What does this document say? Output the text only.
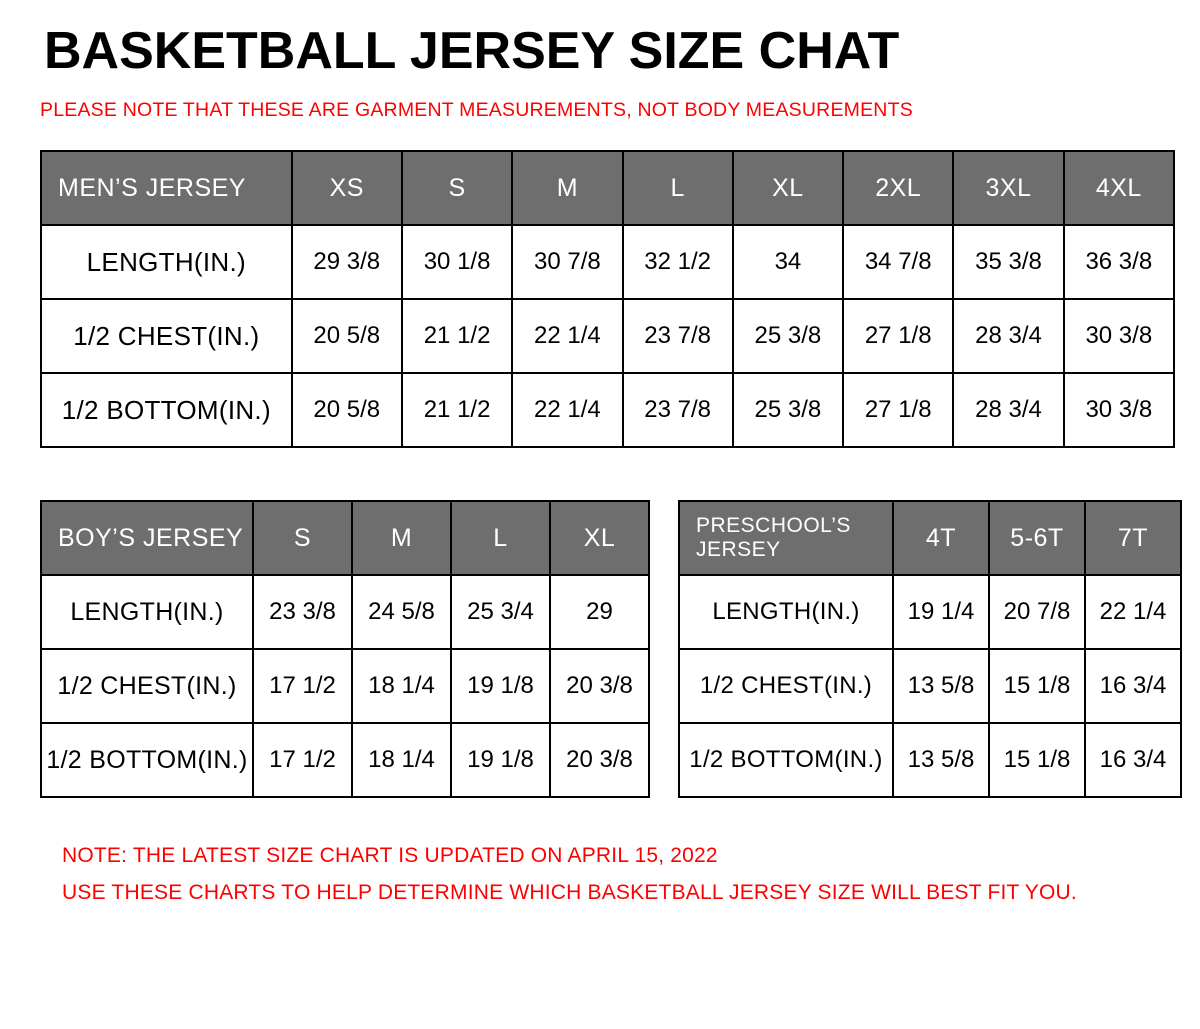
BASKETBALL JERSEY SIZE CHAT

PLEASE NOTE THAT THESE ARE GARMENT MEASUREMENTS, NOT BODY MEASUREMENTS

MEN’S JERSEY	XS	S	M	L	XL	2XL	3XL	4XL
LENGTH(IN.)	29 3/8	30 1/8	30 7/8	32 1/2	34	34 7/8	35 3/8	36 3/8
1/2 CHEST(IN.)	20 5/8	21 1/2	22 1/4	23 7/8	25 3/8	27 1/8	28 3/4	30 3/8
1/2 BOTTOM(IN.)	20 5/8	21 1/2	22 1/4	23 7/8	25 3/8	27 1/8	28 3/4	30 3/8
BOY’S JERSEY	S	M	L	XL
LENGTH(IN.)	23 3/8	24 5/8	25 3/4	29
1/2 CHEST(IN.)	17 1/2	18 1/4	19 1/8	20 3/8
1/2 BOTTOM(IN.)	17 1/2	18 1/4	19 1/8	20 3/8
PRESCHOOL’S JERSEY	4T	5-6T	7T
LENGTH(IN.)	19 1/4	20 7/8	22 1/4
1/2 CHEST(IN.)	13 5/8	15 1/8	16 3/4
1/2 BOTTOM(IN.)	13 5/8	15 1/8	16 3/4
NOTE: THE LATEST SIZE CHART IS UPDATED ON APRIL 15, 2022
USE THESE CHARTS TO HELP DETERMINE WHICH BASKETBALL JERSEY SIZE WILL BEST FIT YOU.
